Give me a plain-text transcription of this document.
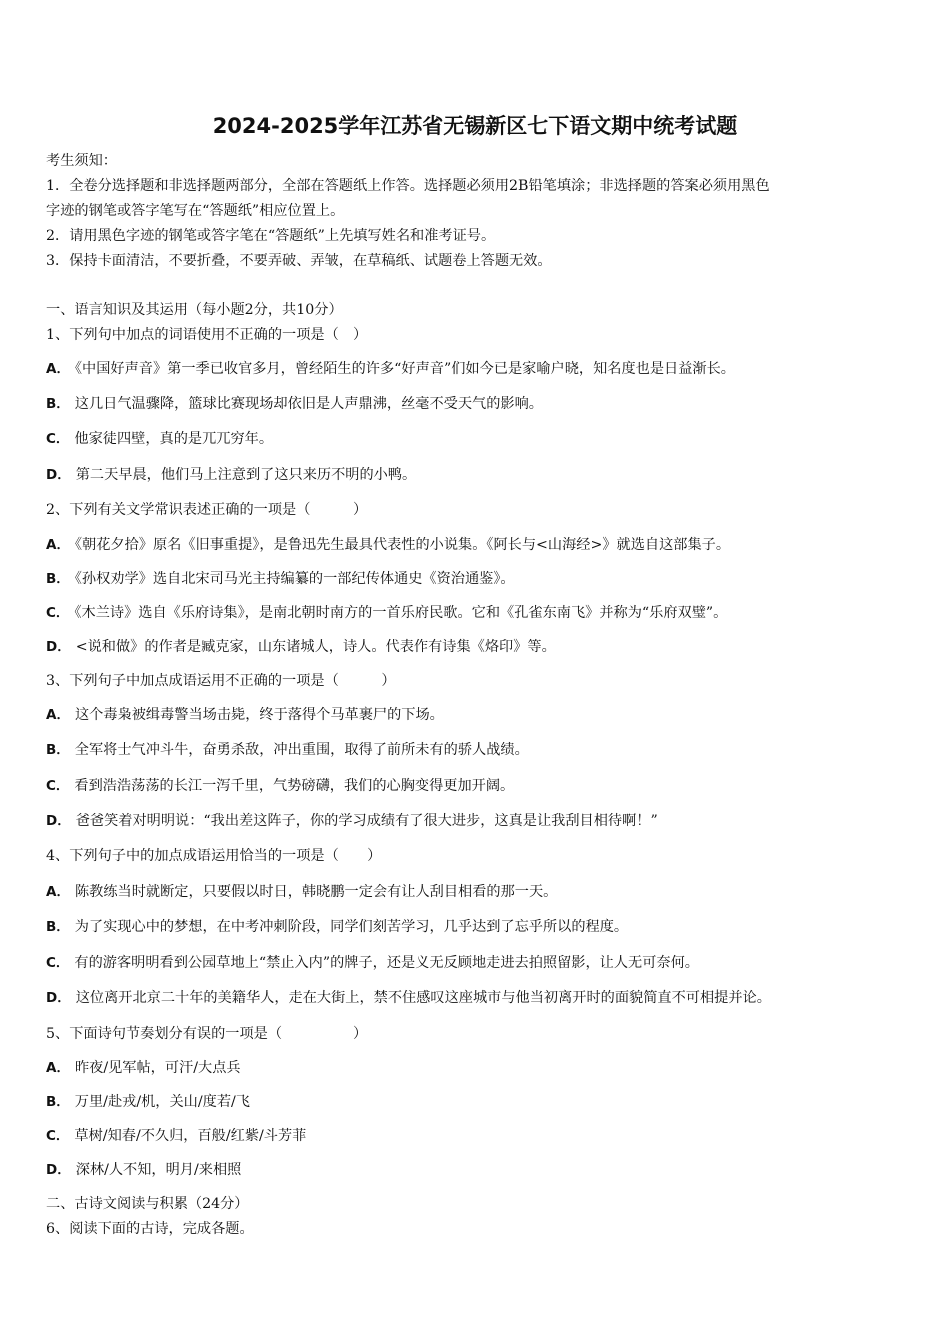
2024-2025学年江苏省无锡新区七下语文期中统考试题
考生须知：
1．全卷分选择题和非选择题两部分，全部在答题纸上作答。选择题必须用2B铅笔填涂；非选择题的答案必须用黑色
字迹的钢笔或答字笔写在“答题纸”相应位置上。
2．请用黑色字迹的钢笔或答字笔在“答题纸”上先填写姓名和准考证号。
3．保持卡面清洁，不要折叠，不要弄破、弄皱，在草稿纸、试题卷上答题无效。
一、语言知识及其运用（每小题2分，共10分）
1、下列句中加点的词语使用不正确的一项是（　）
A． 《中国好声音》第一季已收官多月，曾经陌生的许多“好声音”们如今已是家喻户晓，知名度也是日益渐长。
B． 这几日气温骤降，篮球比赛现场却依旧是人声鼎沸，丝毫不受天气的影响。
C． 他家徒四壁，真的是兀兀穷年。
D． 第二天早晨，他们马上注意到了这只来历不明的小鸭。
2、下列有关文学常识表述正确的一项是（　　　）
A． 《朝花夕拾》原名《旧事重提》，是鲁迅先生最具代表性的小说集。《阿长与<山海经>》就选自这部集子。
B． 《孙权劝学》选自北宋司马光主持编纂的一部纪传体通史《资治通鉴》。
C． 《木兰诗》选自《乐府诗集》，是南北朝时南方的一首乐府民歌。它和《孔雀东南飞》并称为“乐府双璧”。
D． <说和做》的作者是臧克家，山东诸城人，诗人。代表作有诗集《烙印》等。
3、下列句子中加点成语运用不正确的一项是（　　　）
A． 这个毒枭被缉毒警当场击毙，终于落得个马革裹尸的下场。
B． 全军将士气冲斗牛，奋勇杀敌，冲出重围，取得了前所未有的骄人战绩。
C． 看到浩浩荡荡的长江一泻千里，气势磅礴，我们的心胸变得更加开阔。
D． 爸爸笑着对明明说：“我出差这阵子，你的学习成绩有了很大进步，这真是让我刮目相待啊！”
4、下列句子中的加点成语运用恰当的一项是（　　）
A． 陈教练当时就断定，只要假以时日，韩晓鹏一定会有让人刮目相看的那一天。
B． 为了实现心中的梦想，在中考冲刺阶段，同学们刻苦学习，几乎达到了忘乎所以的程度。
C． 有的游客明明看到公园草地上“禁止入内”的牌子，还是义无反顾地走进去拍照留影，让人无可奈何。
D． 这位离开北京二十年的美籍华人，走在大街上，禁不住感叹这座城市与他当初离开时的面貌简直不可相提并论。
5、下面诗句节奏划分有误的一项是（　　　　　）
A． 昨夜/见军帖，可汗/大点兵
B． 万里/赴戎/机，关山/度若/飞
C． 草树/知春/不久归，百般/红紫/斗芳菲
D． 深林/人不知，明月/来相照
二、古诗文阅读与积累（24分）
6、阅读下面的古诗，完成各题。
